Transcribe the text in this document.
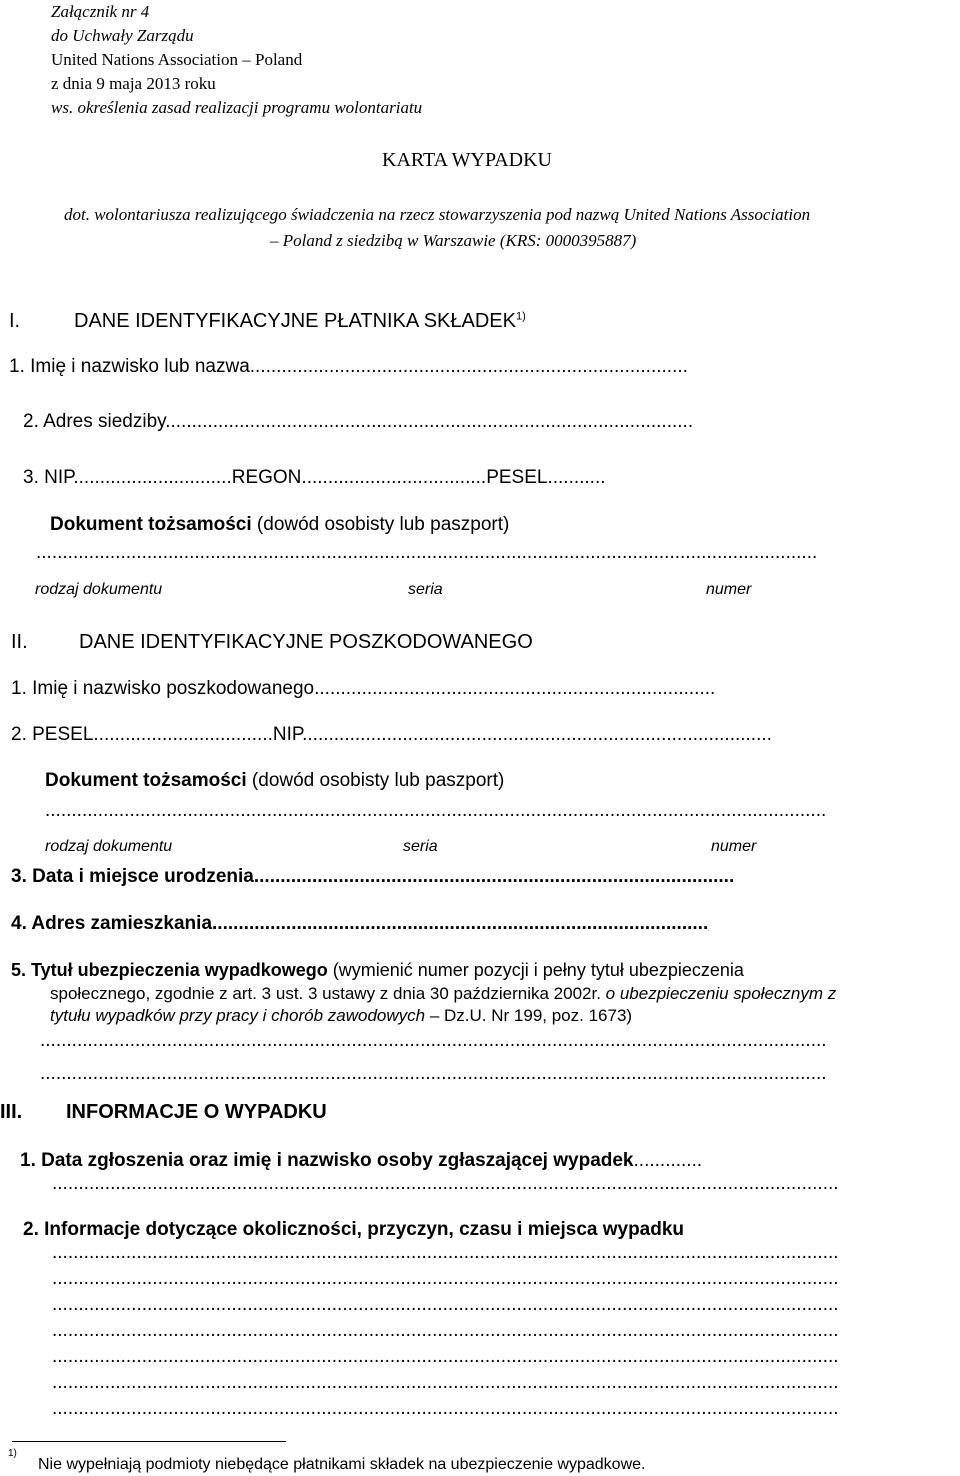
Załącznik nr 4
do Uchwały Zarządu
United Nations Association – Poland
z dnia 9 maja 2013 roku
ws. określenia zasad realizacji programu wolontariatu
KARTA WYPADKU
dot. wolontariusza realizującego świadczenia na rzecz stowarzyszenia pod nazwą United Nations Association
– Poland z siedzibą w Warszawie (KRS: 0000395887)
I.	DANE IDENTYFIKACYJNE PŁATNIKA SKŁADEK$^{1)}$
1. Imię i nazwisko lub nazwa...................................................................................
2. Adres siedziby....................................................................................................
3. NIP..............................REGON...................................PESEL...........
Dokument tożsamości (dowód osobisty lub paszport)
....................................................................................................................................................
rodzaj dokumentu	seria	numer
II.	DANE IDENTYFIKACYJNE POSZKODOWANEGO
1. Imię i nazwisko poszkodowanego............................................................................
2. PESEL..................................NIP.........................................................................................
Dokument tożsamości (dowód osobisty lub paszport)
....................................................................................................................................................
rodzaj dokumentu	seria	numer
3. Data i miejsce urodzenia...........................................................................................
4. Adres zamieszkania..............................................................................................
5. Tytuł ubezpieczenia wypadkowego (wymienić numer pozycji i pełny tytuł ubezpieczenia
społecznego, zgodnie z art. 3 ust. 3 ustawy z dnia 30 października 2002r. o ubezpieczeniu społecznym z
tytułu wypadków przy pracy i chorób zawodowych – Dz.U. Nr 199, poz. 1673)
.....................................................................................................................................................
.....................................................................................................................................................
III. INFORMACJE O WYPADKU
1. Data zgłoszenia oraz imię i nazwisko osoby zgłaszającej wypadek.............
.....................................................................................................................................................
2. Informacje dotyczące okoliczności, przyczyn, czasu i miejsca wypadku
.....................................................................................................................................................
.....................................................................................................................................................
.....................................................................................................................................................
.....................................................................................................................................................
.....................................................................................................................................................
.....................................................................................................................................................
.....................................................................................................................................................
1)
Nie wypełniają podmioty niebędące płatnikami składek na ubezpieczenie wypadkowe.
